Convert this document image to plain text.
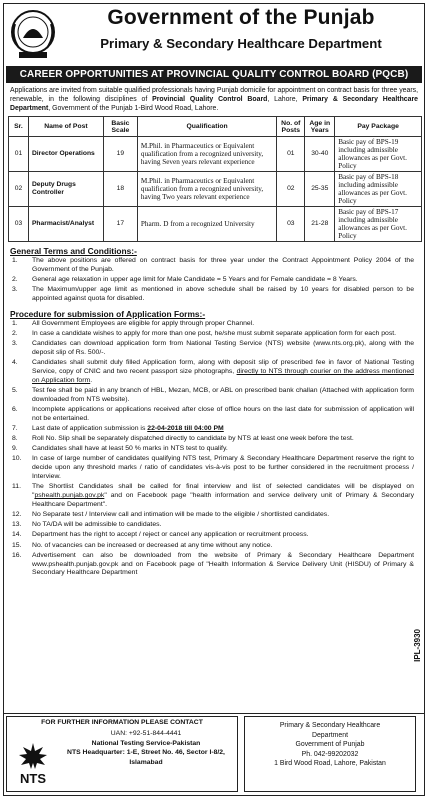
Government of the Punjab
Primary & Secondary Healthcare Department
CAREER OPPORTUNITIES AT PROVINCIAL QUALITY CONTROL BOARD (PQCB)

Applications are invited from suitable qualified professionals having Punjab domicile for appointment on contract basis for three years, renewable, in the following disciplines of Provincial Quality Control Board, Lahore, Primary & Secondary Healthcare Department, Government of the Punjab 1-Bird Wood Road, Lahore.

Sr.	Name of Post	Basic Scale	Qualification	No. of Posts	Age in Years	Pay Package
01	Director Operations	19	M.Phil. in Pharmaceutics or Equivalent qualification from a recognized university, having Seven years relevant experience	01	30-40	Basic pay of BPS-19 including admissible allowances as per Govt. Policy
02	Deputy Drugs Controller	18	M.Phil. in Pharmaceutics or Equivalent qualification from a recognized university, having Two years relevant experience	02	25-35	Basic pay of BPS-18 including admissible allowances as per Govt. Policy
03	Pharmacist/Analyst	17	Pharm. D from a recognized University	03	21-28	Basic pay of BPS-17 including admissible allowances as per Govt. Policy
General Terms and Conditions:-
1. The above positions are offered on contract basis for three year under the Contract Appointment Policy 2004 of the Government of the Punjab.
2. General age relaxation in upper age limit for Male Candidate = 5 Years and for Female candidate = 8 Years.
3. The Maximum/upper age limit as mentioned in above schedule shall be raised by 10 years for disabled person to be appointed against quota for disabled.
Procedure for submission of Application Forms:-
1. All Government Employees are eligible for apply through proper Channel.
2. In case a candidate wishes to apply for more than one post, he/she must submit separate application form for each post.
3. Candidates can download application form from National Testing Service (NTS) website (www.nts.org.pk), along with the deposit slip of Rs. 500/-.
4. Candidates shall submit duly filled Application form, along with deposit slip of prescribed fee in favor of National Testing Service, copy of CNIC and two recent passport size photographs, directly to NTS through courier on the address mentioned on Application form.
5. Test fee shall be paid in any branch of HBL, Mezan, MCB, or ABL on prescribed bank challan (Attached with application form downloaded from NTS website).
6. Incomplete applications or applications received after close of office hours on the last date for submission of application will not be entertained.
7. Last date of application submission is 22-04-2018 till 04:00 PM
8. Roll No. Slip shall be separately dispatched directly to candidate by NTS at least one week before the test.
9. Candidates shall have at least 50 % marks in NTS test to qualify.
10. In case of large number of candidates qualifying NTS test, Primary & Secondary Healthcare Department reserve the right to decide upon any threshold marks / ratio of candidates vis-à-vis post to be further considered in the recruitment process / Interview.
11. The Shortlist Candidates shall be called for final interview and list of selected candidates will be displayed on "pshealth.punjab.gov.pk" and on Facebook page "health information and service delivery unit of Primary & Secondary Healthcare Department".
12. No Separate test / Interview call and intimation will be made to the eligible / shortlisted candidates.
13. No TA/DA will be admissible to candidates.
14. Department has the right to accept / reject or cancel any application or recruitment process.
15. No. of vacancies can be increased or decreased at any time without any notice.
16. Advertisement can also be downloaded from the website of Primary & Secondary Healthcare Department www.pshealth.punjab.gov.pk and on Facebook page of "Health Information & Service Delivery Unit (HISDU) of Primary & Secondary Healthcare Department
IPL-3930
FOR FURTHER INFORMATION PLEASE CONTACT
NTS
UAN: +92-51-844-4441
National Testing Service-Pakistan
NTS Headquarter: 1-E, Street No. 46, Sector I-8/2,
Islamabad
Primary & Secondary Healthcare
Department
Government of Punjab
Ph. 042-99202032
1 Bird Wood Road, Lahore, Pakistan
